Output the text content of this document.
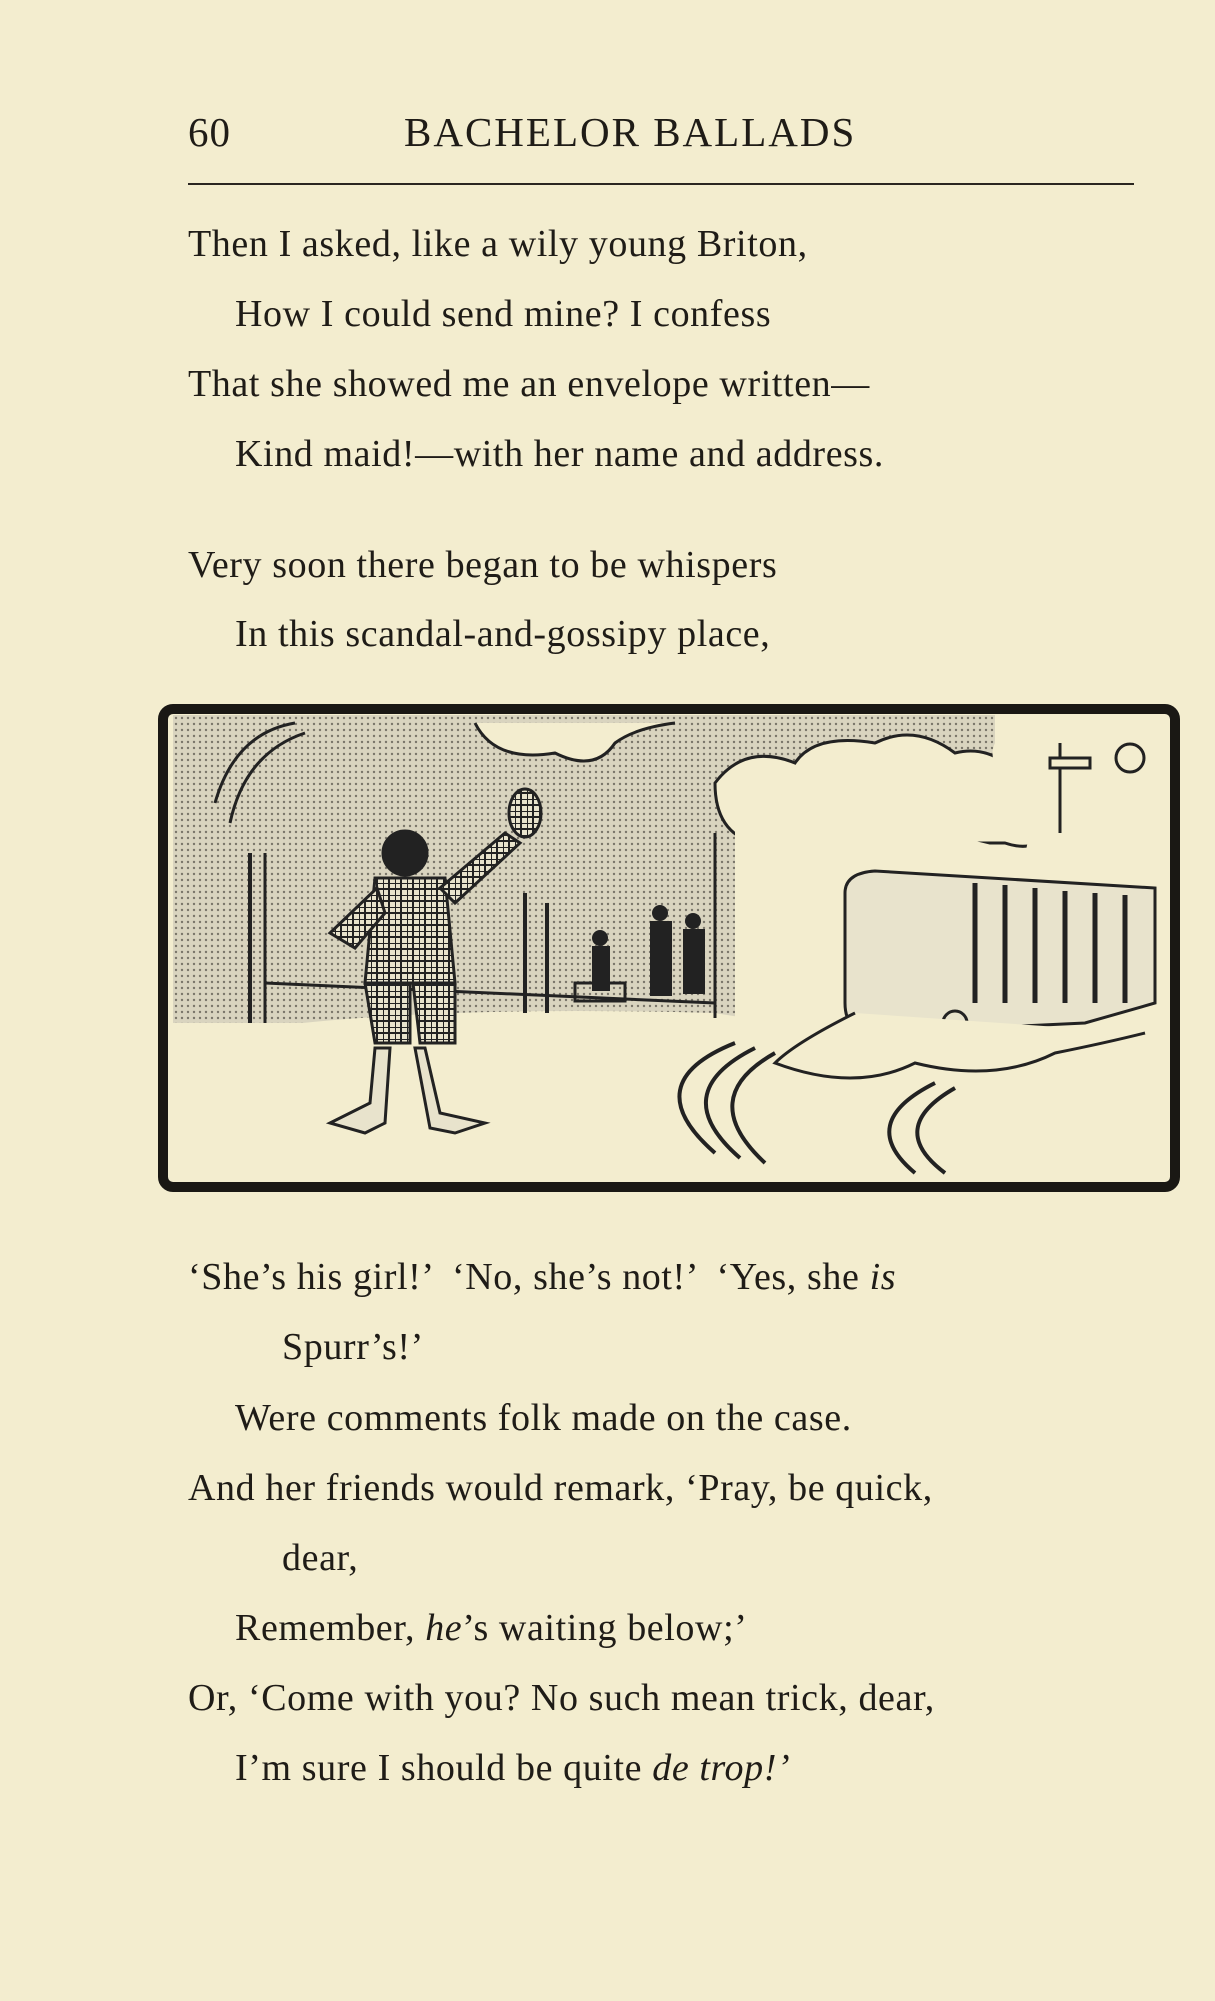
60	BACHELOR BALLADS
Then I asked, like a wily young Briton,
How I could send mine? I confess
That she showed me an envelope written—
Kind maid!—with her name and address.
Very soon there began to be whispers
In this scandal-and-gossipy place,
‘She’s his girl!’  ‘No, she’s not!’  ‘Yes, she is
Spurr’s!’
Were comments folk made on the case.
And her friends would remark, ‘Pray, be quick,
dear,
Remember, he’s waiting below;’
Or, ‘Come with you? No such mean trick, dear,
I’m sure I should be quite de trop!’
